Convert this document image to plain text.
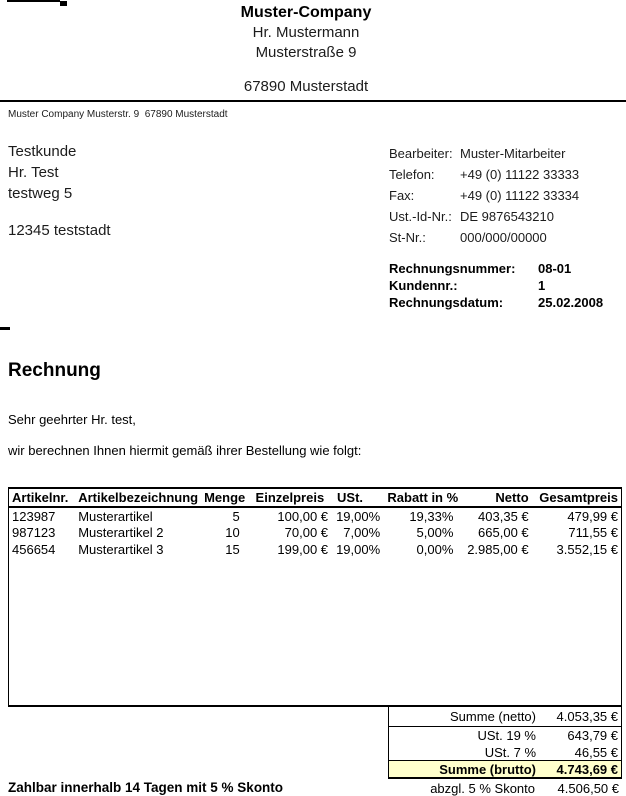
Muster-Company
Hr. Mustermann
Musterstraße 9
67890 Musterstadt
Muster Company Musterstr. 9  67890 Musterstadt
Testkunde
Hr. Test
testweg 5
12345 teststadt
Bearbeiter: Muster-Mitarbeiter
Telefon:	+49 (0) 11122 33333
Fax:	+49 (0) 11122 33334
Ust.-Id-Nr.: DE 9876543210
St-Nr.:	000/000/00000
Rechnungsnummer:	08-01
Kundennr.:	1
Rechnungsdatum:	25.02.2008
Rechnung
Sehr geehrter Hr. test,
wir berechnen Ihnen hiermit gemäß ihrer Bestellung wie folgt:
Artikelnr.	Artikelbezeichnung	Menge	Einzelpreis	USt.	Rabatt in %	Netto	Gesamtpreis
123987	Musterartikel	5	100,00 €	19,00%	19,33%	403,35 €	479,99 €
987123	Musterartikel 2	10	70,00 €	7,00%	5,00%	665,00 €	711,55 €
456654	Musterartikel 3	15	199,00 €	19,00%	0,00%	2.985,00 €	3.552,15 €
Summe (netto)	4.053,35 €
USt. 19 %	643,79 €
USt. 7 %	46,55 €
Summe (brutto)	4.743,69 €
abzgl. 5 % Skonto	4.506,50 €
Zahlbar innerhalb 14 Tagen mit 5 % Skonto
